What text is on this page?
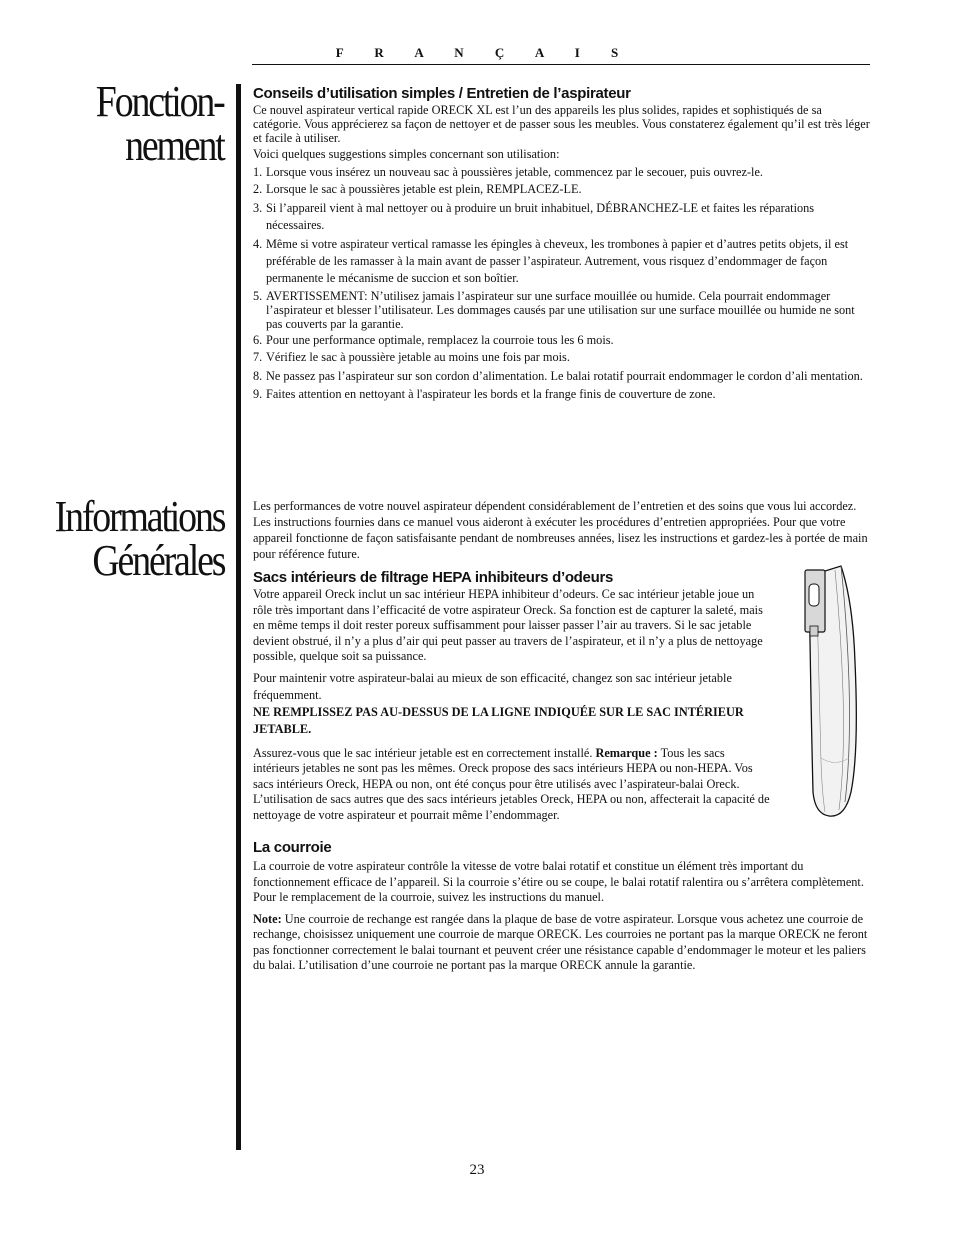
F R A N Ç A I S
Fonction-
nement
Conseils d’utilisation simples / Entretien de l’aspirateur

Ce nouvel aspirateur vertical rapide ORECK XL est l’un des appareils les plus solides, rapides et sophistiqués de sa catégorie. Vous apprécierez sa façon de nettoyer et de passer sous les meubles. Vous constaterez également qu’il est très léger et facile à utiliser.

Voici quelques suggestions simples concernant son utilisation:

1. Lorsque vous insérez un nouveau sac à poussières jetable, commencez par le secouer, puis ouvrez-le.
2. Lorsque le sac à poussières jetable est plein, REMPLACEZ-LE.
3. Si l’appareil vient à mal nettoyer ou à produire un bruit inhabituel, DÉBRANCHEZ-LE et faites les réparations nécessaires.
4. Même si votre aspirateur vertical ramasse les épingles à cheveux, les trombones à papier et d’autres petits objets, il est préférable de les ramasser à la main avant de passer l’aspirateur. Autrement, vous risquez d’endommager de façon permanente le mécanisme de succion et son boîtier.
5. AVERTISSEMENT: N’utilisez jamais l’aspirateur sur une surface mouillée ou humide. Cela pourrait endommager l’aspirateur et blesser l’utilisateur. Les dommages causés par une utilisation sur une surface mouillée ou humide ne sont pas couverts par la garantie.
6. Pour une performance optimale, remplacez la courroie tous les 6 mois.
7. Vérifiez le sac à poussière jetable au moins une fois par mois.
8. Ne passez pas l’aspirateur sur son cordon d’alimentation. Le balai rotatif pourrait endommager le cordon d’ali mentation.
9. Faites attention en nettoyant à l'aspirateur les bords et la frange finis de couverture de zone.
Informations
Générales

Les performances de votre nouvel aspirateur dépendent considérablement de l’entretien et des soins que vous lui accordez. Les instructions fournies dans ce manuel vous aideront à exécuter les procédures d’entretien appropriées. Pour que votre appareil fonctionne de façon satisfaisante pendant de nombreuses années, lisez les instructions et gardez-les à portée de main pour référence future.

Sacs intérieurs de filtrage HEPA inhibiteurs d’odeurs

Votre appareil Oreck inclut un sac intérieur HEPA inhibiteur d’odeurs. Ce sac intérieur jetable joue un rôle très important dans l’efficacité de votre aspirateur Oreck. Sa fonction est de capturer la saleté, mais en même temps il doit rester poreux suffisamment pour laisser passer l’air au travers. Si le sac jetable devient obstrué, il n’y a plus d’air qui peut passer au travers de l’aspirateur, et il n’y a plus de nettoyage possible, quelque soit sa puissance.

Pour maintenir votre aspirateur-balai au mieux de son efficacité, changez son sac intérieur jetable fréquemment.

NE REMPLISSEZ PAS AU-DESSUS DE LA LIGNE INDIQUÉE SUR LE SAC INTÉRIEUR JETABLE.

Assurez-vous que le sac intérieur jetable est en correctement installé. Remarque : Tous les sacs intérieurs jetables ne sont pas les mêmes. Oreck propose des sacs intérieurs HEPA ou non-HEPA. Vos sacs intérieurs Oreck, HEPA ou non, ont été conçus pour être utilisés avec l’aspirateur-balai Oreck. L’utilisation de sacs autres que des sacs intérieurs jetables Oreck, HEPA ou non, affecterait la capacité de nettoyage de votre aspirateur et pourrait même l’endommager.

La courroie

La courroie de votre aspirateur contrôle la vitesse de votre balai rotatif et constitue un élément très important du fonctionnement efficace de l’appareil. Si la courroie s’étire ou se coupe, le balai rotatif ralentira ou s’arrêtera complètement. Pour le remplacement de la courroie, suivez les instructions du manuel.

Note: Une courroie de rechange est rangée dans la plaque de base de votre aspirateur. Lorsque vous achetez une courroie de rechange, choisissez uniquement une courroie de marque ORECK. Les courroies ne portant pas la marque ORECK ne feront pas fonctionner correctement le balai tournant et peuvent créer une résistance capable d’endommager le moteur et les paliers du balai. L’utilisation d’une courroie ne portant pas la marque ORECK annule la garantie.

23
